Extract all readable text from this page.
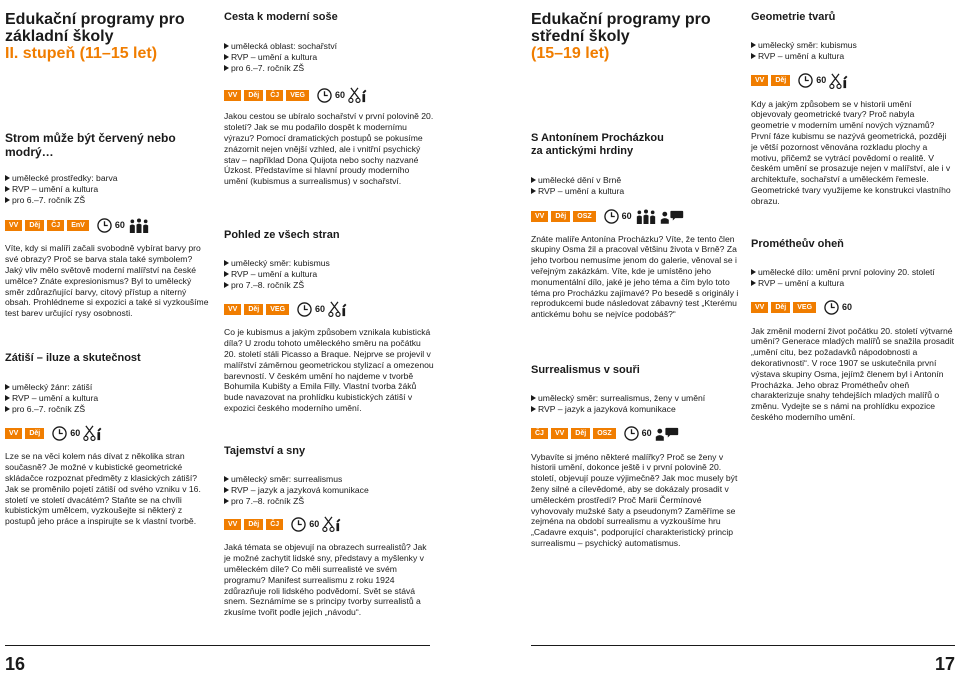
Edukační programy pro
základní školy
II. stupeň (11–15 let)
Strom může být červený nebo
modrý…
umělecké prostředky: barva
RVP – umění a kultura
pro 6.–7. ročník ZŠ
VV	Děj	ČJ	EnV	60

Víte, kdy si malíři začali svobodně vybírat barvy pro své obrazy? Proč se barva stala také symbolem? Jaký vliv mělo světově moderní malířství na české umělce? Znáte expresionismus? Byl to umělecký směr zdůrazňující barvy, citový přístup a niterný obsah. Prohlédneme si expozici a také si vyzkoušíme test barev určující rysy osobnosti.

Zátiší – iluze a skutečnost
umělecký žánr: zátiší
RVP – umění a kultura
pro 6.–7. ročník ZŠ
VV	Děj	60

Lze se na věci kolem nás dívat z několika stran současně? Je možné v kubistické geometrické skládačce rozpoznat předměty z klasických zátiší? Jak se proměnilo pojetí zátiší od svého vzniku v 16. století ve století dvacátém? Staňte se na chvíli kubistickým umělcem, vyzkoušejte si některý z postupů jeho práce a inspirujte se k vlastní tvorbě.

Cesta k moderní soše
umělecká oblast: sochařství
RVP – umění a kultura
pro 6.–7. ročník ZŠ
VV	Děj	ČJ	VEG	60

Jakou cestou se ubíralo sochařství v první polovině 20. století? Jak se mu podařilo dospět k modernímu výrazu? Pomocí dramatických postupů se pokusíme znázornit nejen vnější vzhled, ale i vnitřní psychický stav – například Dona Quijota nebo sochy nazvané Úzkost. Představíme si hlavní proudy moderního umění (kubismus a surrealismus) v sochařství.

Pohled ze všech stran
umělecký směr: kubismus
RVP – umění a kultura
pro 7.–8. ročník ZŠ
VV	Děj	VEG	60

Co je kubismus a jakým způsobem vznikala kubistická díla? U zrodu tohoto uměleckého směru na počátku 20. století stáli Picasso a Braque. Nejprve se projevil v malířství záměrnou geometrickou stylizací a omezenou barevností. V českém umění ho najdeme v tvorbě Bohumila Kubišty a Emila Filly. Vlastní tvorba žáků bude navazovat na prohlídku kubistických zátiší v expozici českého moderního umění.

Tajemství a sny
umělecký směr: surrealismus
RVP – jazyk a jazyková komunikace
pro 7.–8. ročník ZŠ
VV	Děj	ČJ	60

Jaká témata se objevují na obrazech surrealistů? Jak je možné zachytit lidské sny, představy a myšlenky v uměleckém díle? Co měli surrealisté ve svém programu? Manifest surrealismu z roku 1924 zdůrazňuje roli lidského podvědomí. Svět se stává snem. Seznámíme se s principy tvorby surrealistů a zkusíme tvořit podle jejich „návodu“.

Edukační programy pro
střední školy
(15–19 let)
S Antonínem Procházkou
za antickými hrdiny
umělecké dění v Brně
RVP – umění a kultura
VV	Děj	OSZ	60

Znáte malíře Antonína Procházku? Víte, že tento člen skupiny Osma žil a pracoval většinu života v Brně? Za jeho tvorbou nemusíme jenom do galerie, věnoval se i veřejným zakázkám. Víte, kde je umístěno jeho monumentální dílo, jaké je jeho téma a čím bylo toto téma pro Procházku zajímavé? Po besedě s originály i reprodukcemi bude následovat zábavný test „Kterému antickému bohu se nejvíce podobáš?“

Surrealismus v souři
umělecký směr: surrealismus, ženy v umění
RVP – jazyk a jazyková komunikace
ČJ	VV	Děj	OSZ	60

Vybavíte si jméno některé malířky? Proč se ženy v historii umění, dokonce ještě i v první polovině 20. století, objevují pouze výjimečně? Jak moc musely být ženy silné a cílevědomé, aby se dokázaly prosadit v uměleckém prostředí? Proč Marii Čermínové vyhovovaly mužské šaty a pseudonym? Zaměříme se zejména na období surrealismu a vyzkoušíme hru „Cadavre exquis“, podporující charakteristický princip surrealismu – psychický automatismus.

Geometrie tvarů
umělecký směr: kubismus
RVP – umění a kultura
VV	Děj	60

Kdy a jakým způsobem se v historii umění objevovaly geometrické tvary? Proč nabyla geometrie v moderním umění nových významů? První fáze kubismu se nazývá geometrická, později je větší pozornost věnována rozkladu plochy a motivu, přičemž se vytrácí povědomí o realitě. V českém umění se prosazuje nejen v malířství, ale i v architektuře, sochařství a uměleckém řemesle. Geometrické tvary využijeme ke konstrukci vlastního obrazu.

Prométheův oheň
umělecké dílo: umění první poloviny 20. století
RVP – umění a kultura
VV	Děj	VEG	60

Jak změnil moderní život počátku 20. století výtvarné umění? Generace mladých malířů se snažila prosadit „umění citu, bez požadavků nápodobnosti a dekorativnosti“. V roce 1907 se uskutečnila první výstava skupiny Osma, jejímž členem byl i Antonín Procházka. Jeho obraz Prométheův oheň charakterizuje snahy tehdejších mladých malířů o změnu. Vydejte se s námi na prohlídku expozice českého moderního umění.

16	17
